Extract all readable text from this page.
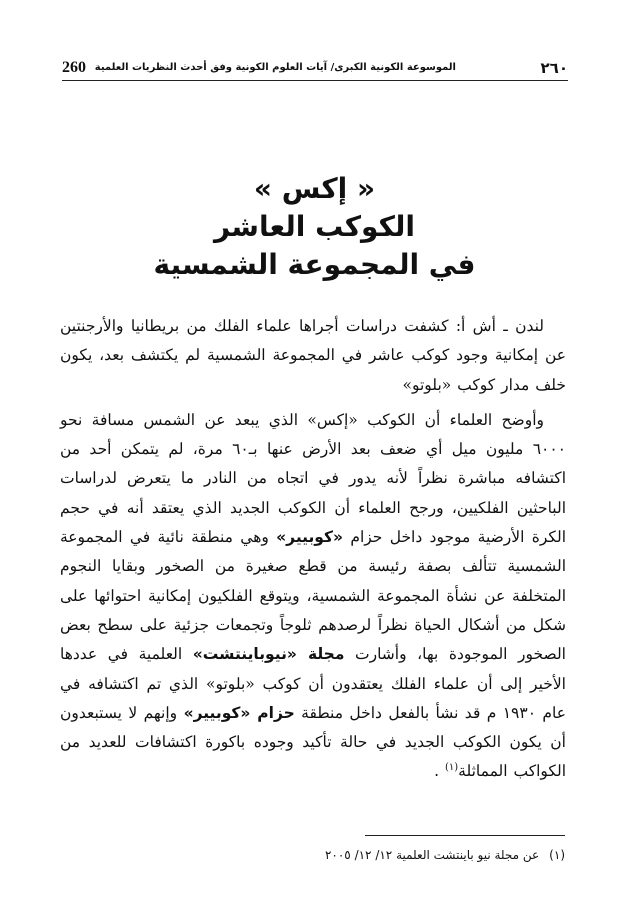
260 الموسوعة الكونية الكبرى/ آيات العلوم الكونية وفق أحدث النظريات العلمية	٢٦٠
« إكس »
الكوكب العاشر
في المجموعة الشمسية

لندن ـ أش أ: كشفت دراسات أجراها علماء الفلك من بريطانيا والأرجنتين عن إمكانية وجود كوكب عاشر في المجموعة الشمسية لم يكتشف بعد، يكون خلف مدار كوكب «بلوتو»

وأوضح العلماء أن الكوكب «إكس» الذي يبعد عن الشمس مسافة نحو ٦٠٠٠ مليون ميل أي ضعف بعد الأرض عنها بـ٦٠ مرة، لم يتمكن أحد من اكتشافه مباشرة نظراً لأنه يدور في اتجاه من النادر ما يتعرض لدراسات الباحثين الفلكيين، ورجح العلماء أن الكوكب الجديد الذي يعتقد أنه في حجم الكرة الأرضية موجود داخل حزام «كوبيير» وهي منطقة نائية في المجموعة الشمسية تتألف بصفة رئيسة من قطع صغيرة من الصخور وبقايا النجوم المتخلفة عن نشأة المجموعة الشمسية، ويتوقع الفلكيون إمكانية احتوائها على شكل من أشكال الحياة نظراً لرصدهم ثلوجاً وتجمعات جزئية على سطح بعض الصخور الموجودة بها، وأشارت مجلة «نيوباينتشت» العلمية في عددها الأخير إلى أن علماء الفلك يعتقدون أن كوكب «بلوتو» الذي تم اكتشافه في عام ١٩٣٠ م قد نشأ بالفعل داخل منطقة حزام «كوبيير» وإنهم لا يستبعدون أن يكون الكوكب الجديد في حالة تأكيد وجوده باكورة اكتشافات للعديد من الكواكب المماثلة$^{(١)}$ .

(١)عن مجلة نيو باينتشت العلمية ١٢/ ١٢/ ٢٠٠٥
